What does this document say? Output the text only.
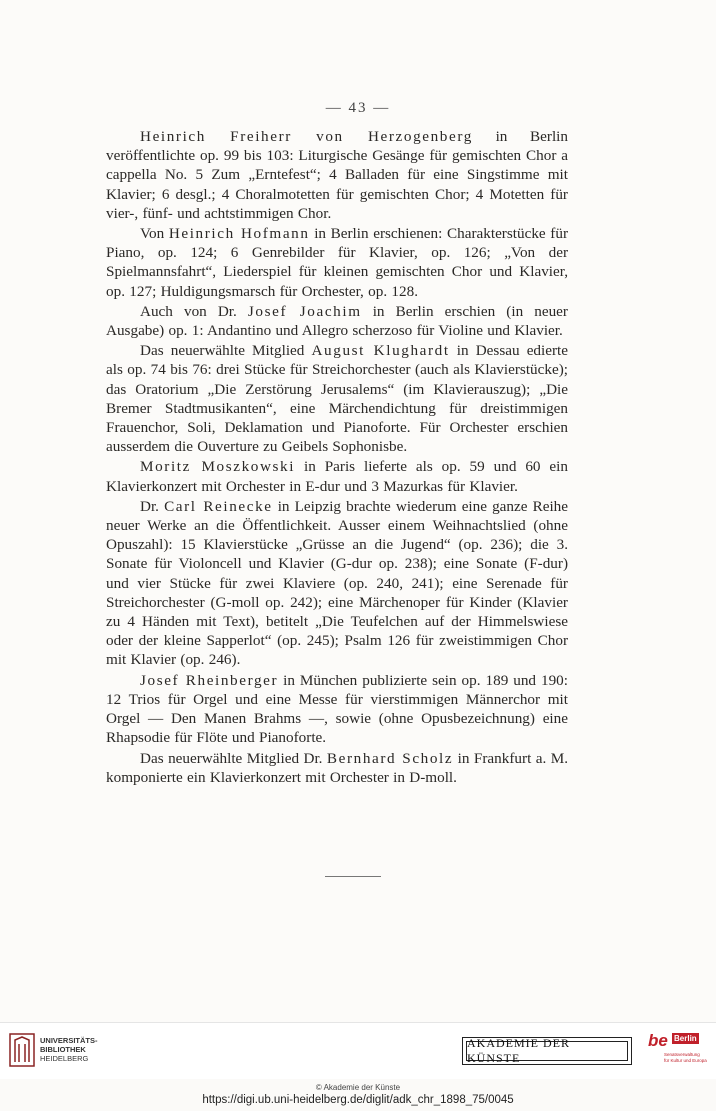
— 43 —

Heinrich Freiherr von Herzogenberg in Berlin veröffentlichte op. 99 bis 103: Liturgische Gesänge für gemischten Chor a cappella No. 5 Zum „Erntefest“; 4 Balladen für eine Singstimme mit Klavier; 6 desgl.; 4 Choralmotetten für gemischten Chor; 4 Motetten für vier-, fünf- und achtstimmigen Chor.

Von Heinrich Hofmann in Berlin erschienen: Charakterstücke für Piano, op. 124; 6 Genrebilder für Klavier, op. 126; „Von der Spielmannsfahrt“, Liederspiel für kleinen gemischten Chor und Klavier, op. 127; Huldigungsmarsch für Orchester, op. 128.

Auch von Dr. Josef Joachim in Berlin erschien (in neuer Ausgabe) op. 1: Andantino und Allegro scherzoso für Violine und Klavier.

Das neuerwählte Mitglied August Klughardt in Dessau edierte als op. 74 bis 76: drei Stücke für Streichorchester (auch als Klavierstücke); das Oratorium „Die Zerstörung Jerusalems“ (im Klavierauszug); „Die Bremer Stadtmusikanten“, eine Märchendichtung für dreistimmigen Frauenchor, Soli, Deklamation und Pianoforte. Für Orchester erschien ausserdem die Ouverture zu Geibels Sophonisbe.

Moritz Moszkowski in Paris lieferte als op. 59 und 60 ein Klavierkonzert mit Orchester in E-dur und 3 Mazurkas für Klavier.

Dr. Carl Reinecke in Leipzig brachte wiederum eine ganze Reihe neuer Werke an die Öffentlichkeit. Ausser einem Weihnachtslied (ohne Opuszahl): 15 Klavierstücke „Grüsse an die Jugend“ (op. 236); die 3. Sonate für Violoncell und Klavier (G-dur op. 238); eine Sonate (F-dur) und vier Stücke für zwei Klaviere (op. 240, 241); eine Serenade für Streichorchester (G-moll op. 242); eine Märchenoper für Kinder (Klavier zu 4 Händen mit Text), betitelt „Die Teufelchen auf der Himmelswiese oder der kleine Sapperlot“ (op. 245); Psalm 126 für zweistimmigen Chor mit Klavier (op. 246).

Josef Rheinberger in München publizierte sein op. 189 und 190: 12 Trios für Orgel und eine Messe für vierstimmigen Männerchor mit Orgel — Den Manen Brahms —, sowie (ohne Opusbezeichnung) eine Rhapsodie für Flöte und Pianoforte.

Das neuerwählte Mitglied Dr. Bernhard Scholz in Frankfurt a. M. komponierte ein Klavierkonzert mit Orchester in D-moll.

UNIVERSITÄTS-
BIBLIOTHEK
HEIDELBERG
AKADEMIE DER KÜNSTE
be Berlin
Senatsverwaltung
für Kultur und Europa
© Akademie der Künste
https://digi.ub.uni-heidelberg.de/diglit/adk_chr_1898_75/0045
